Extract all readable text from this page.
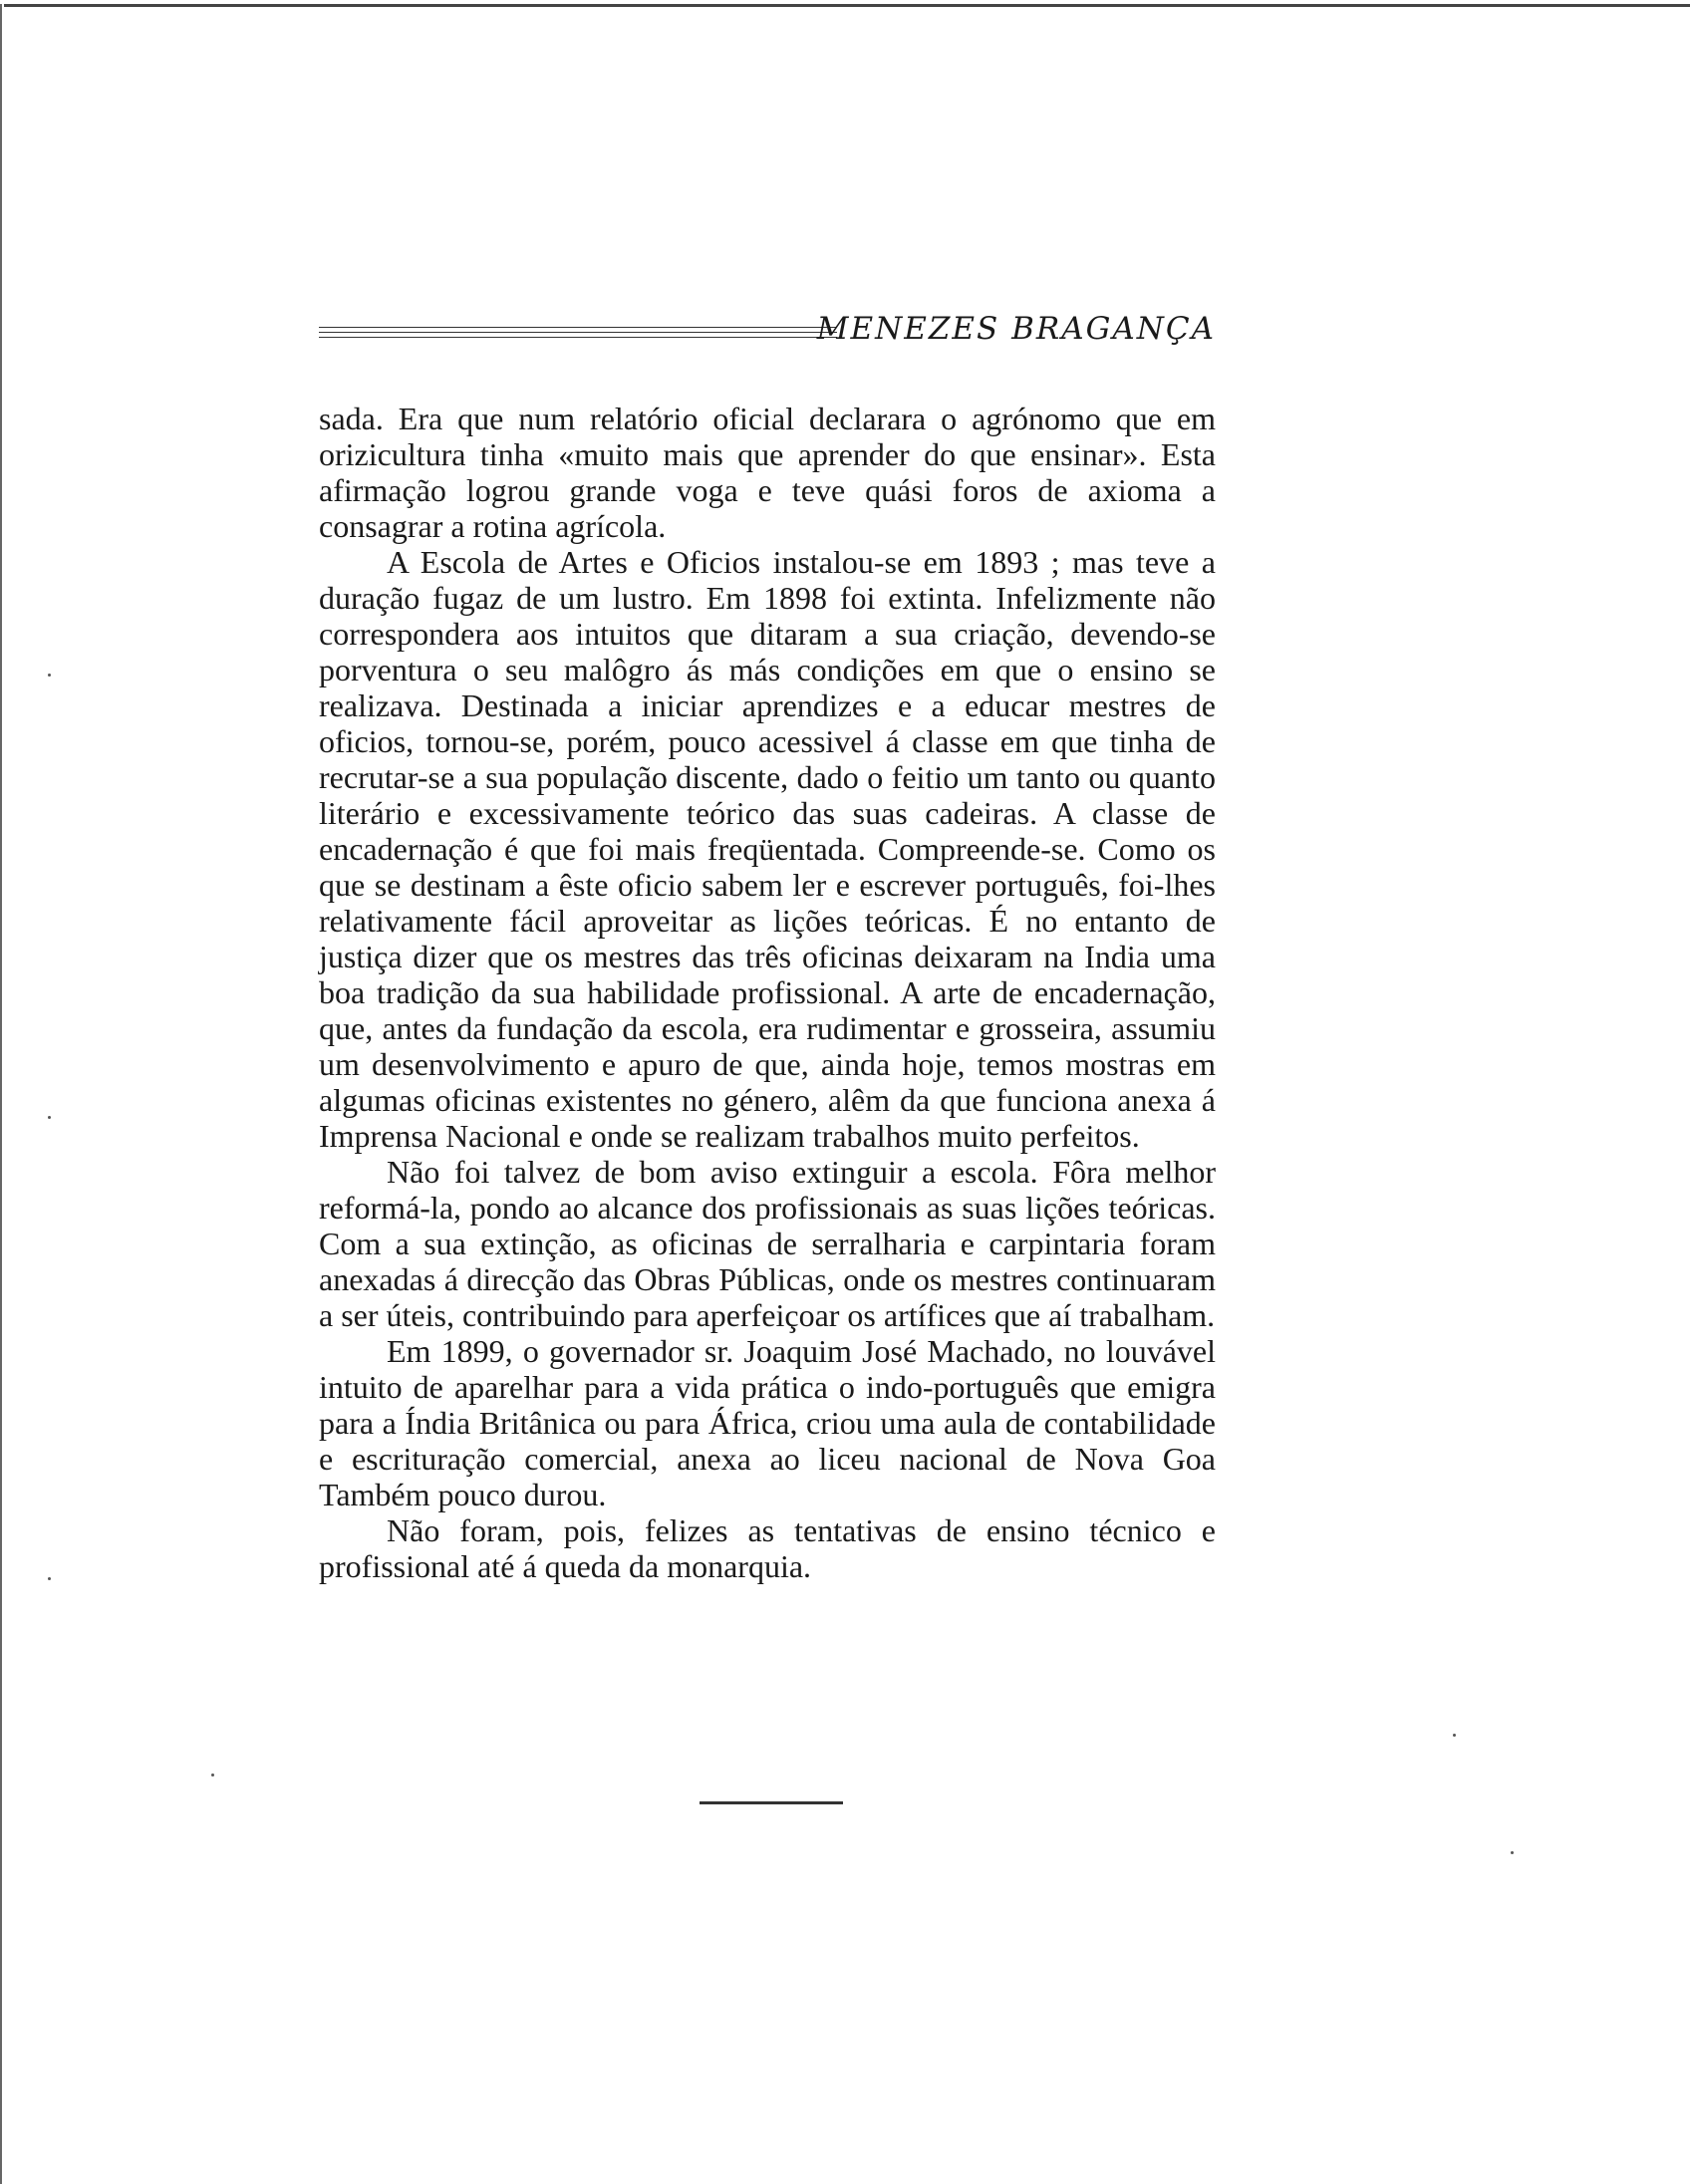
MENEZES BRAGANÇA

sada. Era que num relatório oficial declarara o agrónomo que em orizicultura tinha «muito mais que aprender do que ensinar». Esta afirmação logrou grande voga e teve quási foros de axioma a consagrar a rotina agrícola.

A Escola de Artes e Oficios instalou-se em 1893 ; mas teve a duração fugaz de um lustro. Em 1898 foi extinta. Infelizmente não correspondera aos intuitos que ditaram a sua criação, devendo-se porventura o seu malôgro ás más condições em que o ensino se realizava. Destinada a iniciar aprendizes e a educar mestres de oficios, tornou-se, porém, pouco acessivel á classe em que tinha de recrutar-se a sua população discente, dado o feitio um tanto ou quanto literário e excessivamente teórico das suas cadeiras. A classe de encadernação é que foi mais freqüentada. Compreende-se. Como os que se destinam a êste oficio sabem ler e escrever português, foi-lhes relativamente fácil aproveitar as lições teóricas. É no entanto de justiça dizer que os mestres das três oficinas deixaram na India uma boa tradição da sua habilidade profissional. A arte de encadernação, que, antes da fundação da escola, era rudimentar e grosseira, assumiu um desenvolvimento e apuro de que, ainda hoje, temos mostras em algumas oficinas existentes no género, alêm da que funciona anexa á Imprensa Nacional e onde se realizam trabalhos muito perfeitos.

Não foi talvez de bom aviso extinguir a escola. Fôra melhor reformá-la, pondo ao alcance dos profissionais as suas lições teóricas. Com a sua extinção, as oficinas de serralharia e carpintaria foram anexadas á direcção das Obras Públicas, onde os mestres continuaram a ser úteis, contribuindo para aperfeiçoar os artífices que aí trabalham.

Em 1899, o governador sr. Joaquim José Machado, no louvável intuito de aparelhar para a vida prática o indo-português que emigra para a Índia Britânica ou para África, criou uma aula de contabilidade e escrituração comercial, anexa ao liceu nacional de Nova Goa Também pouco durou.

Não foram, pois, felizes as tentativas de ensino técnico e profissional até á queda da monarquia.
